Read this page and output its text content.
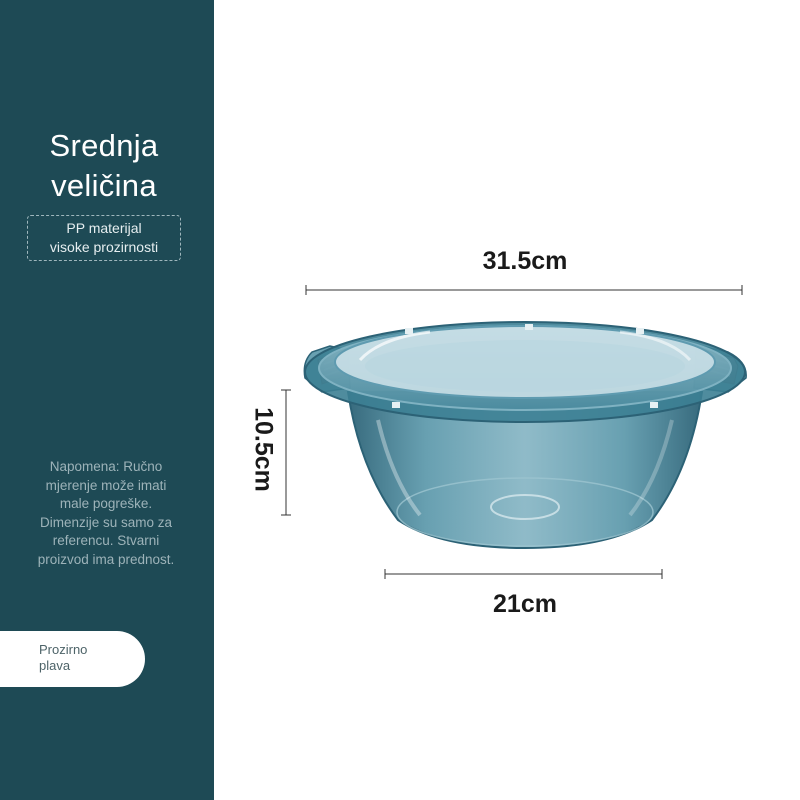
Srednja
veličina
PP materijal
visoke prozirnosti
Napomena: Ručno
mjerenje može imati
male pogreške.
Dimenzije su samo za
referencu. Stvarni
proizvod ima prednost.
Prozirno
plava
31.5cm
10.5cm
21cm
